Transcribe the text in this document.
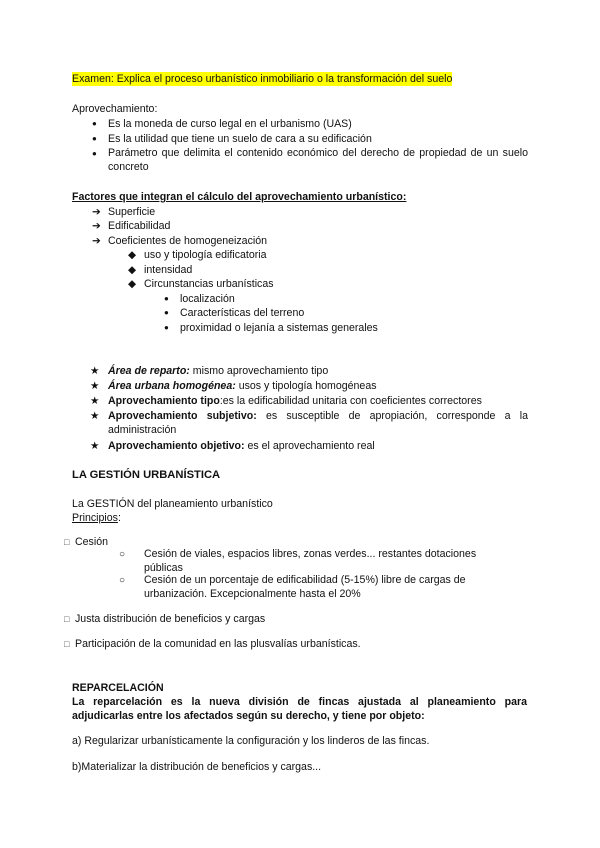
Examen: Explica el proceso urbanístico inmobiliario o la transformación del suelo
Aprovechamiento:
● Es la moneda de curso legal en el urbanismo (UAS)
● Es la utilidad que tiene un suelo de cara a su edificación
● Parámetro que delimita el contenido económico del derecho de propiedad de un suelo concreto
Factores que integran el cálculo del aprovechamiento urbanístico:
➔ Superficie
➔ Edificabilidad
➔ Coeficientes de homogeneización
◆ uso y tipología edificatoria
◆ intensidad
◆ Circunstancias urbanísticas
● localización
● Características del terreno
● proximidad o lejanía a sistemas generales
★ Área de reparto: mismo aprovechamiento tipo
★ Área urbana homogénea: usos y tipología homogéneas
★ Aprovechamiento tipo:es la edificabilidad unitaria con coeficientes correctores
★ Aprovechamiento subjetivo: es susceptible de apropiación, corresponde a la administración
★ Aprovechamiento objetivo: es el aprovechamiento real
LA GESTIÓN URBANÍSTICA
La GESTIÓN del planeamiento urbanístico
Principios:
□ Cesión
○ Cesión de viales, espacios libres, zonas verdes... restantes dotaciones públicas
○ Cesión de un porcentaje de edificabilidad (5-15%) libre de cargas de urbanización. Excepcionalmente hasta el 20%
□ Justa distribución de beneficios y cargas
□ Participación de la comunidad en las plusvalías urbanísticas.
REPARCELACIÓN
La reparcelación es la nueva división de fincas ajustada al planeamiento para adjudicarlas entre los afectados según su derecho, y tiene por objeto:
a) Regularizar urbanísticamente la configuración y los linderos de las fincas.
b)Materializar la distribución de beneficios y cargas...
